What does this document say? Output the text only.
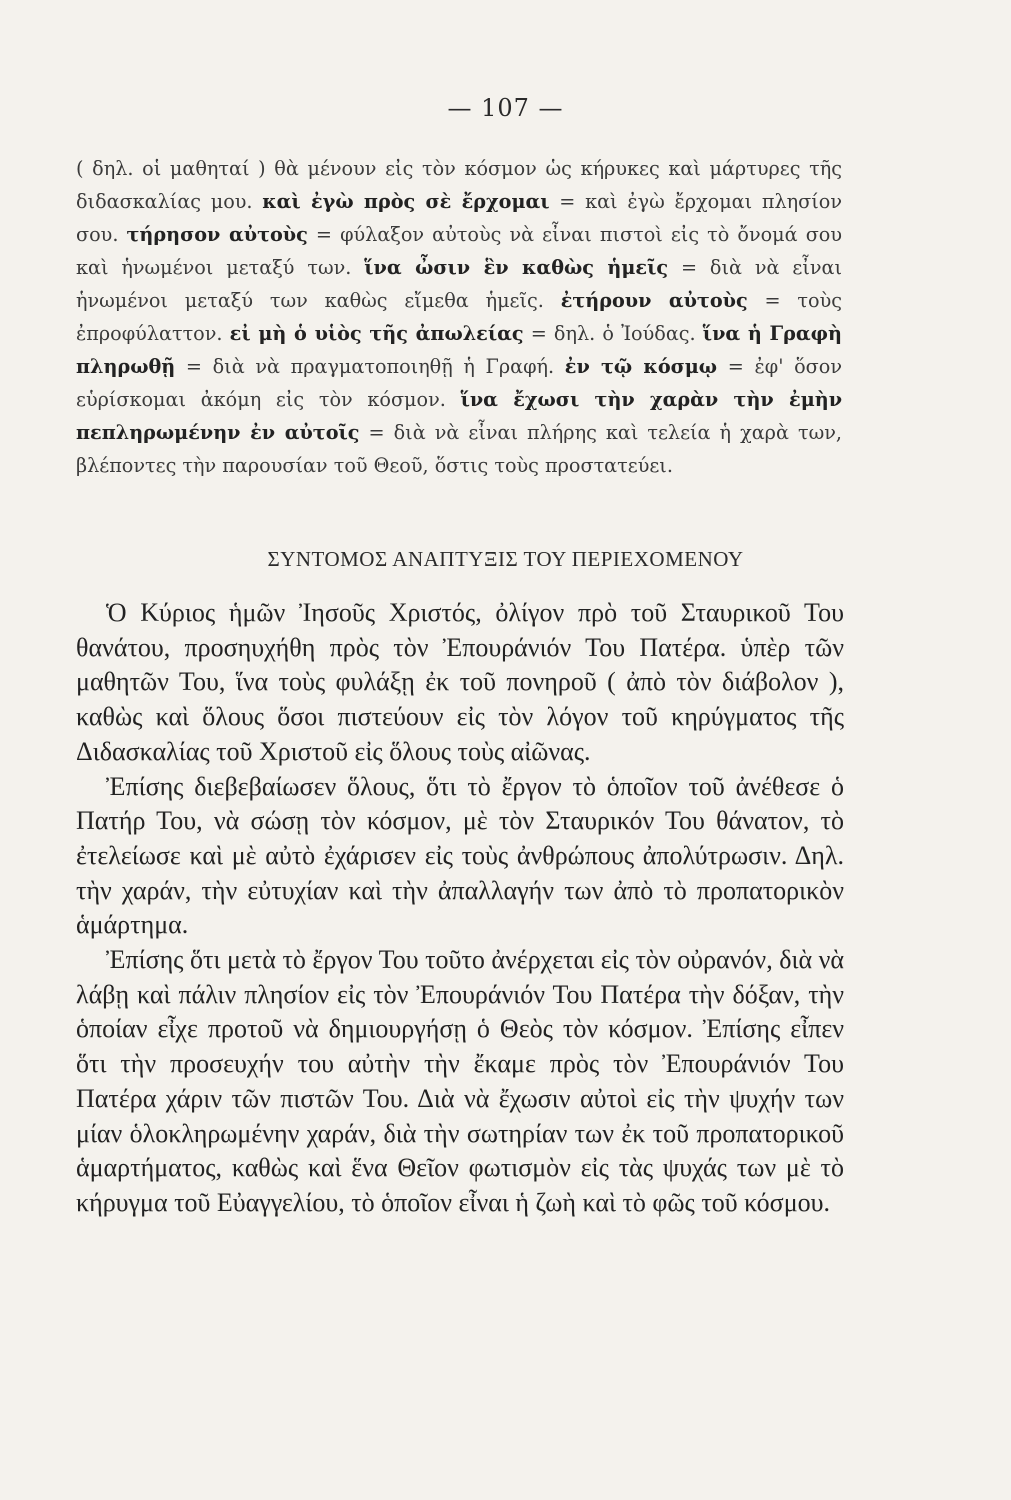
— 107 —
( δηλ. οἱ μαθηταί ) θὰ μένουν εἰς τὸν κόσμον ὡς κήρυκες καὶ μάρτυρες τῆς διδασκαλίας μου. καὶ ἐγὼ πρὸς σὲ ἔρχομαι = καὶ ἐγὼ ἔρχομαι πλησίον σου. τήρησον αὐτοὺς = φύλαξον αὐτοὺς νὰ εἶναι πιστοὶ εἰς τὸ ὄνομά σου καὶ ἡνωμένοι μεταξύ των. ἵνα ὦσιν ἓν καθὼς ἡμεῖς = διὰ νὰ εἶναι ἡνωμένοι μεταξύ των καθὼς εἴμεθα ἡμεῖς. ἐτήρουν αὐτοὺς = τοὺς ἐπροφύλαττον. εἰ μὴ ὁ υἱὸς τῆς ἀπωλείας = δηλ. ὁ Ἰούδας. ἵνα ἡ Γραφὴ πληρωθῇ = διὰ νὰ πραγματοποιηθῇ ἡ Γραφή. ἐν τῷ κόσμῳ = ἐφ' ὅσον εὑρίσκομαι ἀκόμη εἰς τὸν κόσμον. ἵνα ἔχωσι τὴν χαρὰν τὴν ἐμὴν πεπληρωμένην ἐν αὐτοῖς = διὰ νὰ εἶναι πλήρης καὶ τελεία ἡ χαρὰ των, βλέποντες τὴν παρουσίαν τοῦ Θεοῦ, ὅστις τοὺς προστατεύει.
ΣΥΝΤΟΜΟΣ ΑΝΑΠΤΥΞΙΣ ΤΟΥ ΠΕΡΙΕΧΟΜΕΝΟΥ

Ὁ Κύριος ἡμῶν Ἰησοῦς Χριστός, ὀλίγον πρὸ τοῦ Σταυρικοῦ Του θανάτου, προσηυχήθη πρὸς τὸν Ἐπουράνιόν Του Πατέρα. ὑπὲρ τῶν μαθητῶν Του, ἵνα τοὺς φυλάξῃ ἐκ τοῦ πονηροῦ ( ἀπὸ τὸν διάβολον ), καθὼς καὶ ὅλους ὅσοι πιστεύουν εἰς τὸν λόγον τοῦ κηρύγματος τῆς Διδασκαλίας τοῦ Χριστοῦ εἰς ὅλους τοὺς αἰῶνας.

Ἐπίσης διεβεβαίωσεν ὅλους, ὅτι τὸ ἔργον τὸ ὁποῖον τοῦ ἀνέθεσε ὁ Πατήρ Του, νὰ σώσῃ τὸν κόσμον, μὲ τὸν Σταυρικόν Του θάνατον, τὸ ἐτελείωσε καὶ μὲ αὐτὸ ἐχάρισεν εἰς τοὺς ἀνθρώπους ἀπολύτρωσιν. Δηλ. τὴν χαράν, τὴν εὐτυχίαν καὶ τὴν ἀπαλλαγήν των ἀπὸ τὸ προπατορικὸν ἁμάρτημα.

Ἐπίσης ὅτι μετὰ τὸ ἔργον Του τοῦτο ἀνέρχεται εἰς τὸν οὐρανόν, διὰ νὰ λάβῃ καὶ πάλιν πλησίον εἰς τὸν Ἐπουράνιόν Του Πατέρα τὴν δόξαν, τὴν ὁποίαν εἶχε προτοῦ νὰ δημιουργήσῃ ὁ Θεὸς τὸν κόσμον. Ἐπίσης εἶπεν ὅτι τὴν προσευχήν του αὐτὴν τὴν ἔκαμε πρὸς τὸν Ἐπουράνιόν Του Πατέρα χάριν τῶν πιστῶν Του. Διὰ νὰ ἔχωσιν αὐτοὶ εἰς τὴν ψυχήν των μίαν ὁλοκληρωμένην χαράν, διὰ τὴν σωτηρίαν των ἐκ τοῦ προπατορικοῦ ἁμαρτήματος, καθὼς καὶ ἕνα Θεῖον φωτισμὸν εἰς τὰς ψυχάς των μὲ τὸ κήρυγμα τοῦ Εὐαγγελίου, τὸ ὁποῖον εἶναι ἡ ζωὴ καὶ τὸ φῶς τοῦ κόσμου.
